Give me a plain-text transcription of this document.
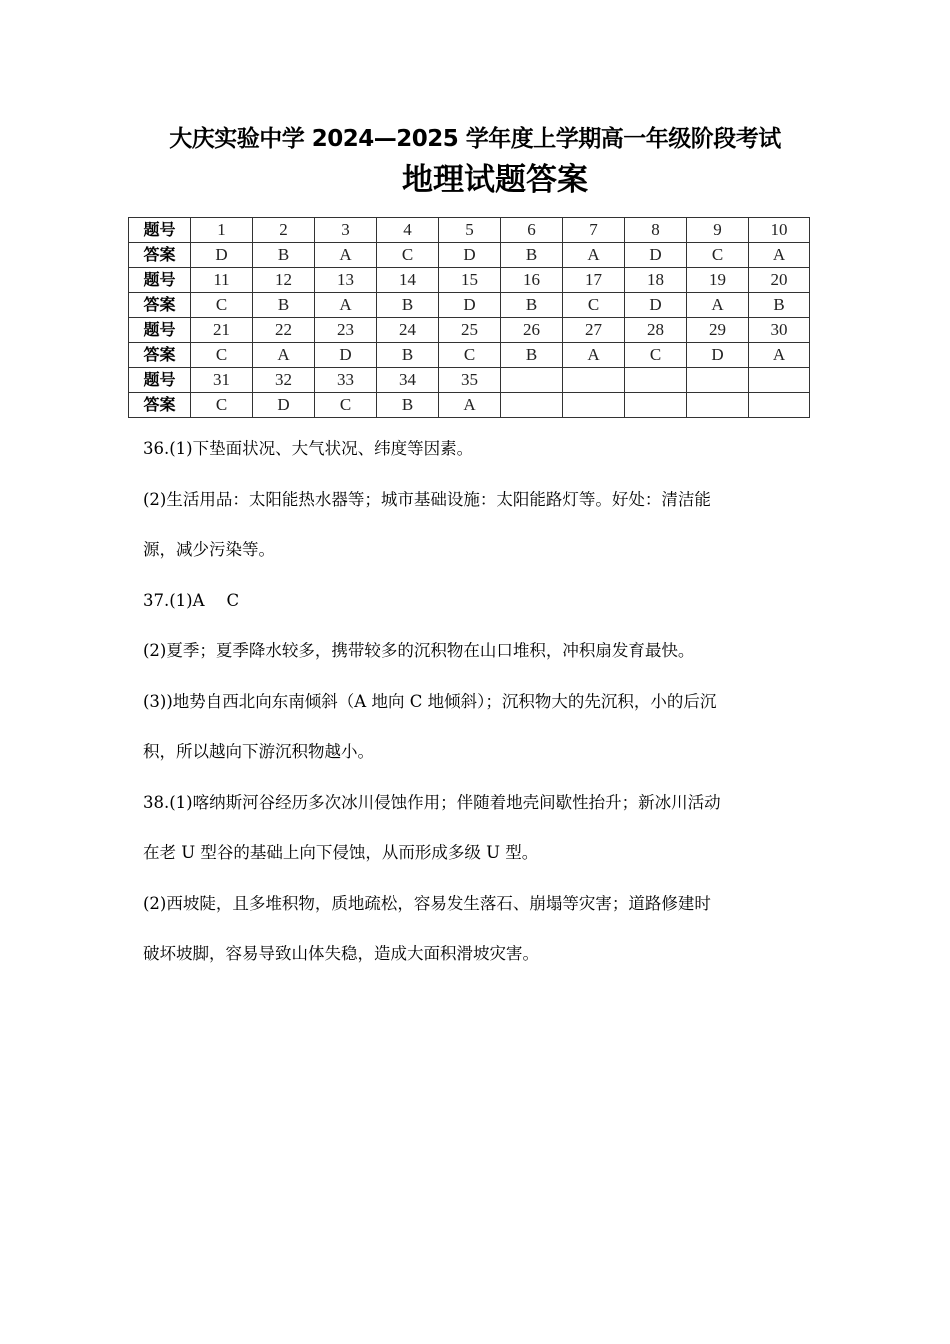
大庆实验中学 2024—2025 学年度上学期高一年级阶段考试
地理试题答案
题号	1	2	3	4	5	6	7	8	9	10
答案	D	B	A	C	D	B	A	D	C	A
题号	11	12	13	14	15	16	17	18	19	20
答案	C	B	A	B	D	B	C	D	A	B
题号	21	22	23	24	25	26	27	28	29	30
答案	C	A	D	B	C	B	A	C	D	A
题号	31	32	33	34	35					
答案	C	D	C	B	A					

36.(1)下垫面状况、大气状况、纬度等因素。

(2)生活用品：太阳能热水器等；城市基础设施：太阳能路灯等。好处：清洁能

源，减少污染等。

37.(1)A C

(2)夏季；夏季降水较多，携带较多的沉积物在山口堆积，冲积扇发育最快。

(3))地势自西北向东南倾斜（A 地向 C 地倾斜）；沉积物大的先沉积，小的后沉

积，所以越向下游沉积物越小。

38.(1)喀纳斯河谷经历多次冰川侵蚀作用；伴随着地壳间歇性抬升；新冰川活动

在老 U 型谷的基础上向下侵蚀，从而形成多级 U 型。

(2)西坡陡，且多堆积物，质地疏松，容易发生落石、崩塌等灾害；道路修建时

破坏坡脚，容易导致山体失稳，造成大面积滑坡灾害。
